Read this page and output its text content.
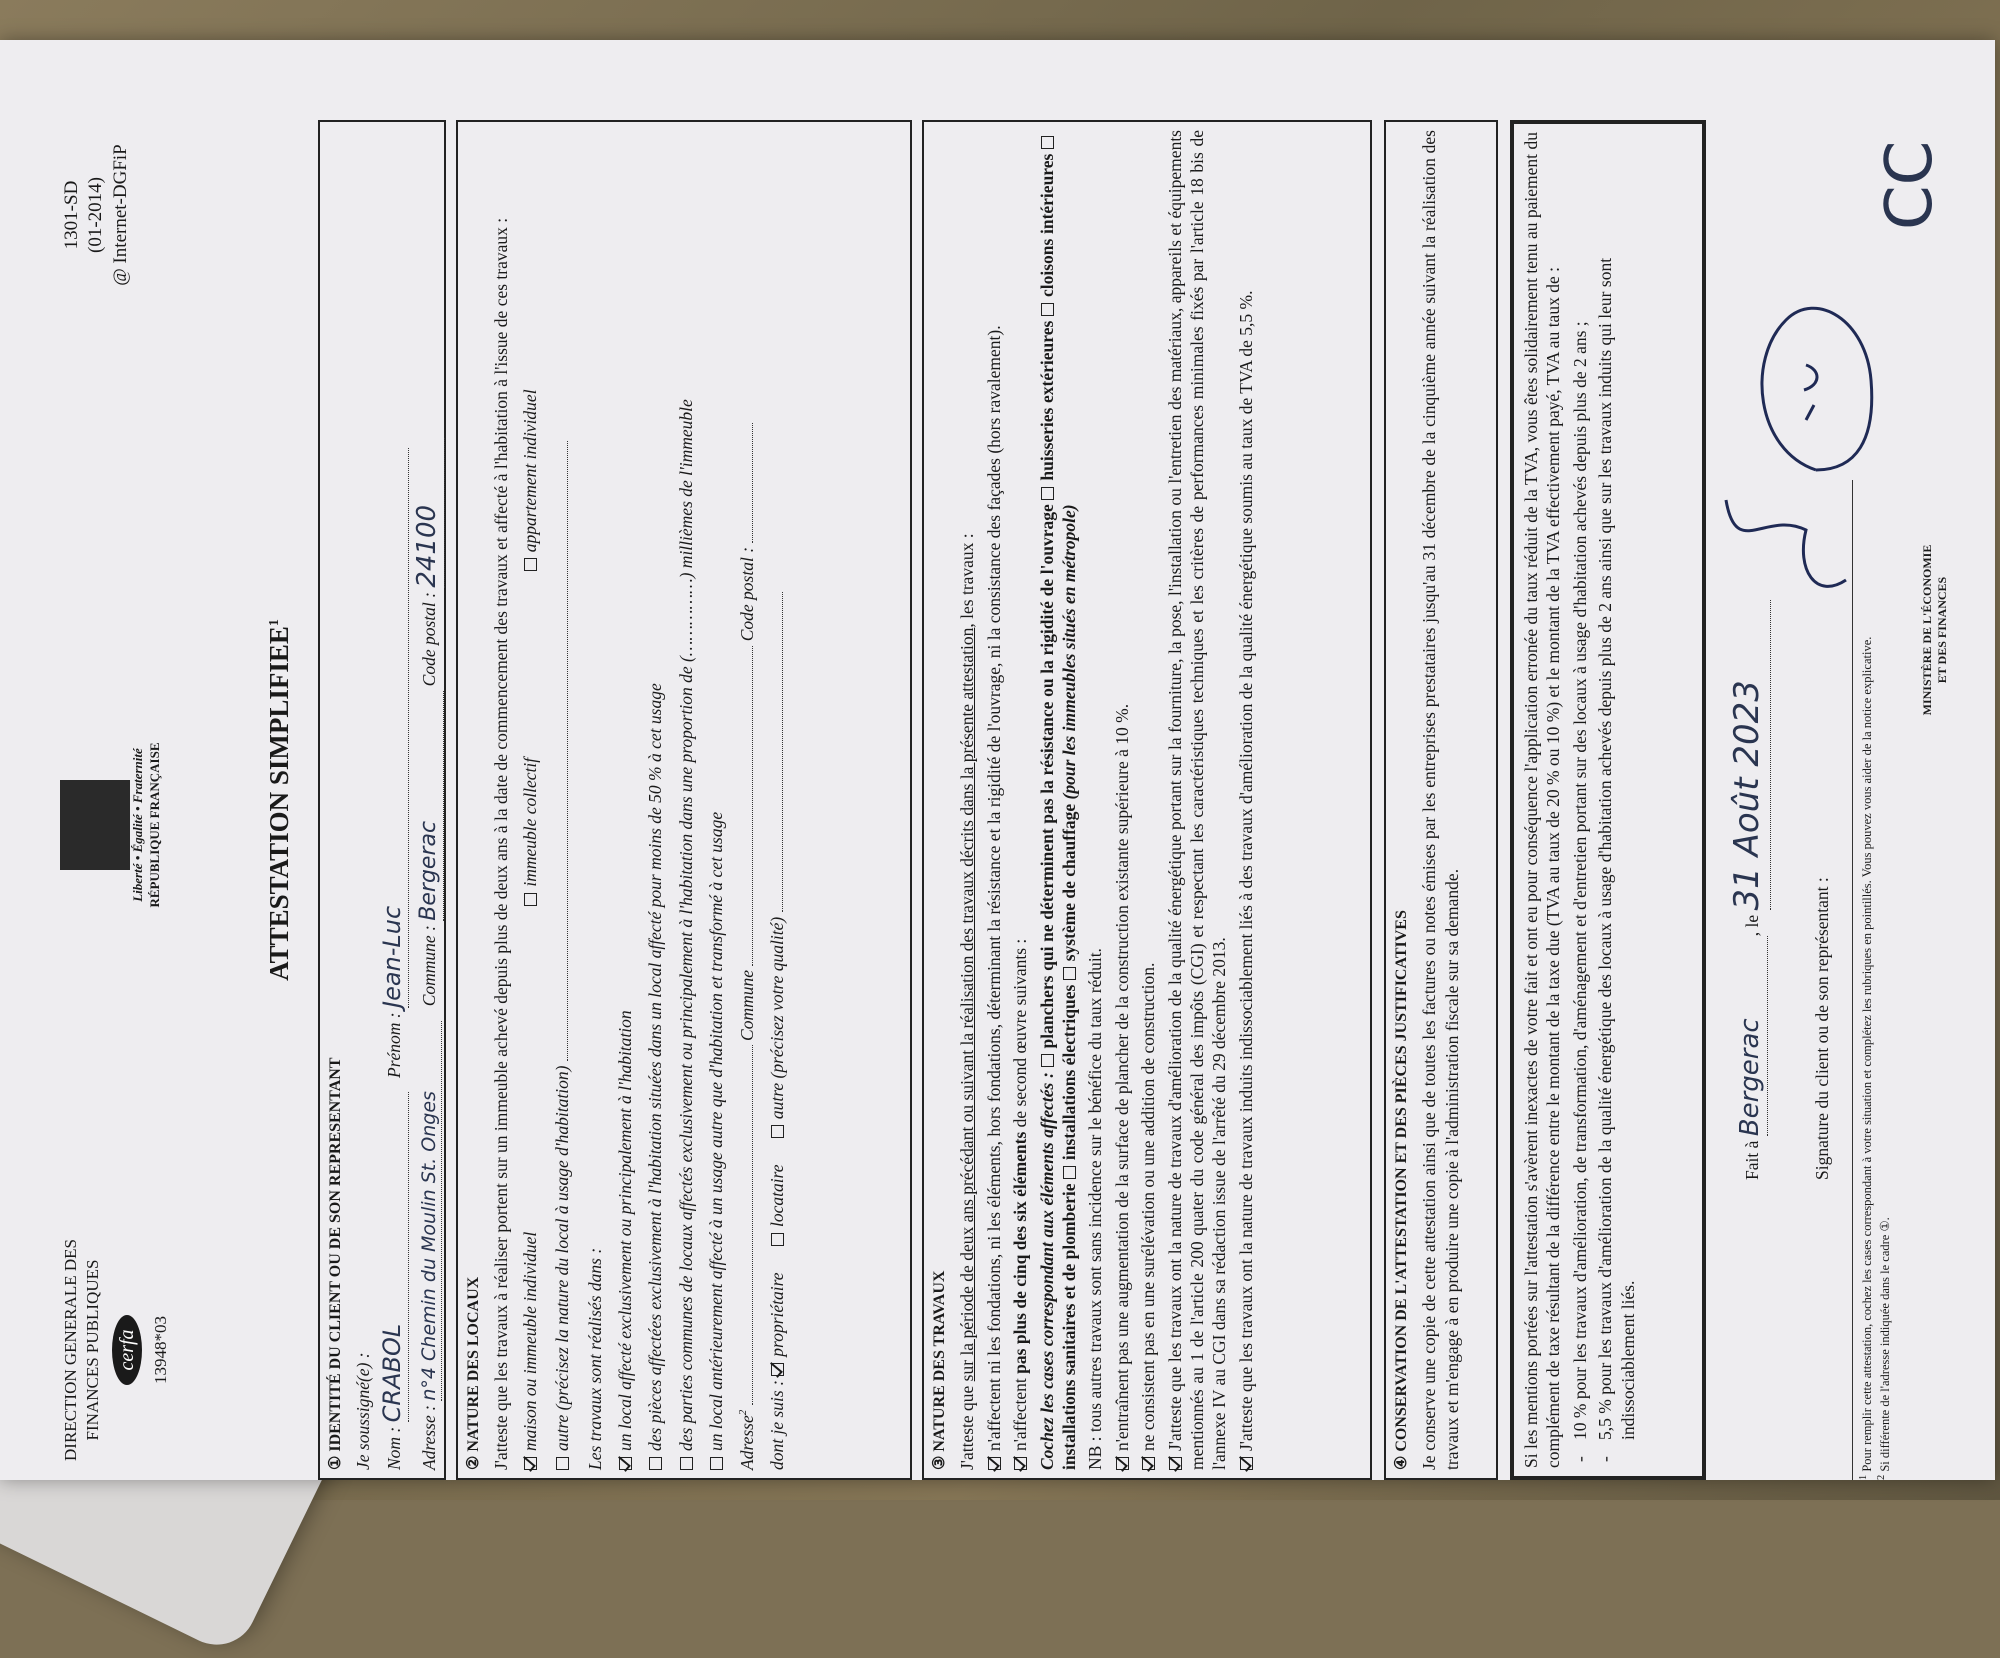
DIRECTION GENERALE DES FINANCES PUBLIQUES cerfa 13948*03
Liberté • Égalité • Fraternité RÉPUBLIQUE FRANÇAISE
1301-SD (01-2014) @ Internet-DGFiP
ATTESTATION SIMPLIFIEE$^1$
① IDENTITÉ DU CLIENT OU DE SON REPRESENTANT Je soussigné(e) : Nom : CRABOL Prénom : Jean-Luc
Adresse : n°4 Chemin du Moulin St. Onges Commune : Bergerac Code postal : 24100
② NATURE DES LOCAUX J'atteste que les travaux à réaliser portent sur un immeuble achevé depuis plus de deux ans à la date de commencement des travaux et affecté à l'habitation à l'issue de ces travaux : maison ou immeuble individuel immeuble collectif appartement individuel
autre (précisez la nature du local à usage d'habitation) Les travaux sont réalisés dans : un local affecté exclusivement ou principalement à l'habitation des pièces affectées exclusivement à l'habitation situées dans un local affecté pour moins de 50 % à cet usage des parties communes de locaux affectés exclusivement ou principalement à l'habitation dans une proportion de (……………) millièmes de l'immeuble un local antérieurement affecté à un usage autre que d'habitation et transformé à cet usage Adresse$^2$  Commune  Code postal :
dont je suis : propriétaire locataire autre (précisez votre qualité)
③ NATURE DES TRAVAUX J'atteste que sur la période de deux ans précédant ou suivant la réalisation des travaux décrits dans la présente attestation, les travaux : n'affectent ni les fondations, ni les éléments, hors fondations, déterminant la résistance et la rigidité de l'ouvrage, ni la consistance des façades (hors ravalement). n'affectent pas plus de cinq des six éléments de second œuvre suivants :

Cochez les cases correspondant aux éléments affectés : planchers qui ne déterminent pas la résistance ou la rigidité de l'ouvrage huisseries extérieures cloisons intérieures installations sanitaires et de plomberie installations électriques système de chauffage (pour les immeubles situés en métropole)

NB : tous autres travaux sont sans incidence sur le bénéfice du taux réduit. n'entraînent pas une augmentation de la surface de plancher de la construction existante supérieure à 10 %. ne consistent pas en une surélévation ou une addition de construction. J'atteste que les travaux ont la nature de travaux d'amélioration de la qualité énergétique portant sur la fourniture, la pose, l'installation ou l'entretien des matériaux, appareils et équipements mentionnés au 1 de l'article 200 quater du code général des impôts (CGI) et respectant les caractéristiques techniques et les critères de performances minimales fixés par l'article 18 bis de l'annexe IV au CGI dans sa rédaction issue de l'arrêté du 29 décembre 2013. J'atteste que les travaux ont la nature de travaux induits indissociablement liés à des travaux d'amélioration de la qualité énergétique soumis au taux de TVA de 5,5 %.	④ CONSERVATION DE L'ATTESTATION ET DES PIÈCES JUSTIFICATIVES Je conserve une copie de cette attestation ainsi que de toutes les factures ou notes émises par les entreprises prestataires jusqu'au 31 décembre de la cinquième année suivant la réalisation des travaux et m'engage à en produire une copie à l'administration fiscale sur sa demande.	Si les mentions portées sur l'attestation s'avèrent inexactes de votre fait et ont eu pour conséquence l'application erronée du taux réduit de la TVA, vous êtes solidairement tenu au paiement du complément de taxe résultant de la différence entre le montant de la taxe due (TVA au taux de 20 % ou 10 %) et le montant de la TVA effectivement payé, TVA au taux de : - 10 % pour les travaux d'amélioration, de transformation, d'aménagement et d'entretien portant sur des locaux à usage d'habitation achevés depuis plus de 2 ans ; - 5,5 % pour les travaux d'amélioration de la qualité énergétique des locaux à usage d'habitation achevés depuis plus de 2 ans ainsi que sur les travaux induits qui leur sont indissociablement liés.
Fait à Bergerac, le 31 Août 2023
Signature du client ou de son représentant :
CC
$^1$ Pour remplir cette attestation, cochez les cases correspondant à votre situation et complétez les rubriques en pointillés. Vous pouvez vous aider de la notice explicative.
$^2$ Si différente de l'adresse indiquée dans le cadre ①.
MINISTÈRE DE L'ÉCONOMIE ET DES FINANCES
